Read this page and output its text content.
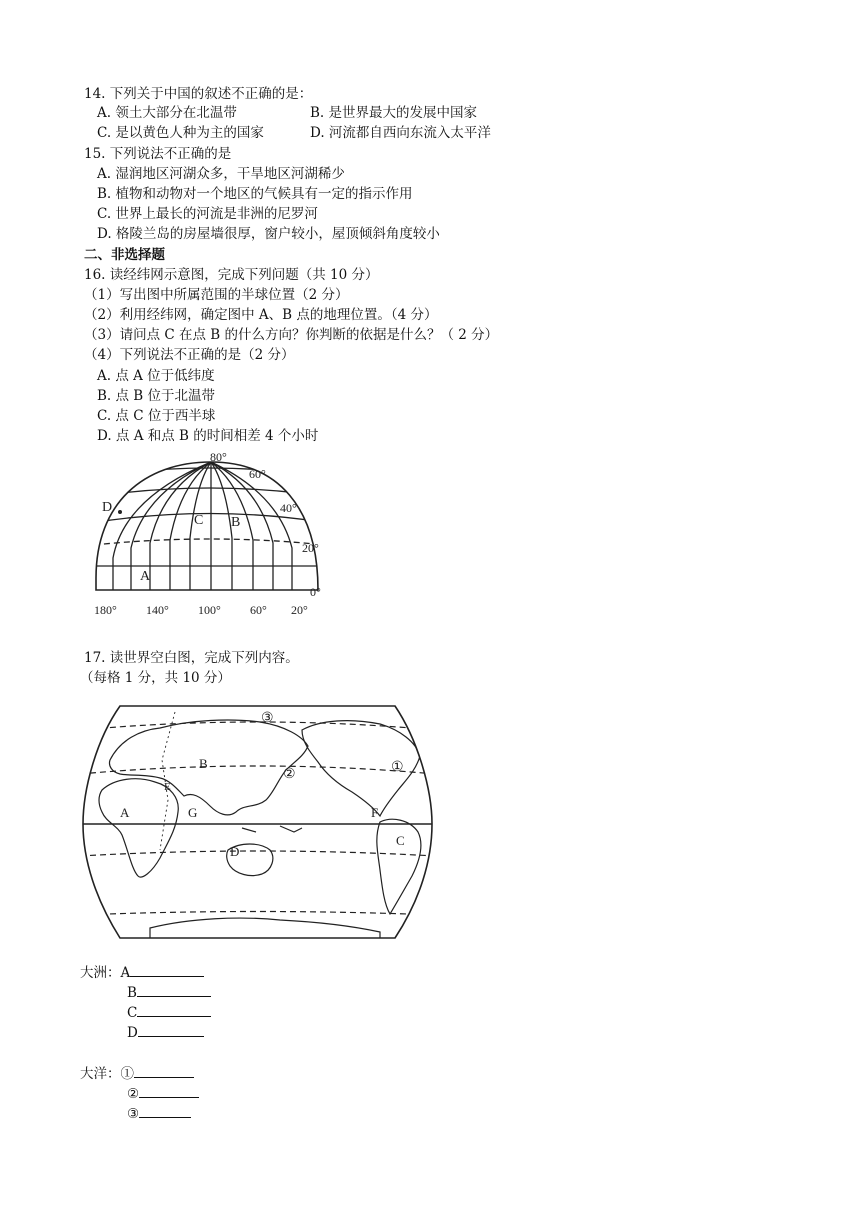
14. 下列关于中国的叙述不正确的是：
A. 领土大部分在北温带	B. 是世界最大的发展中国家
C. 是以黄色人种为主的国家	D. 河流都自西向东流入太平洋
15. 下列说法不正确的是
A. 湿润地区河湖众多，干旱地区河湖稀少
B. 植物和动物对一个地区的气候具有一定的指示作用
C. 世界上最长的河流是非洲的尼罗河
D. 格陵兰岛的房屋墙很厚，窗户较小，屋顶倾斜角度较小
二、非选择题
16. 读经纬网示意图，完成下列问题（共 10 分）
（1）写出图中所属范围的半球位置（2 分）
（2）利用经纬网，确定图中 A、B 点的地理位置。（4 分）
（3）请问点 C 在点 B 的什么方向？你判断的依据是什么？（ 2 分）
（4）下列说法不正确的是（2 分）
A. 点 A 位于低纬度
B. 点 B 位于北温带
C. 点 C 位于西半球
D. 点 A 和点 B 的时间相差 4 个小时
D
C B
A
80°
60°
40°
20°
0°
180° 140° 100° 60° 20°
17. 读世界空白图，完成下列内容。
（每格 1 分，共 10 分）
A
B
C
D
E
F
G
①
②
③
大洲：A
B
C
D
大洋：①
②
③
